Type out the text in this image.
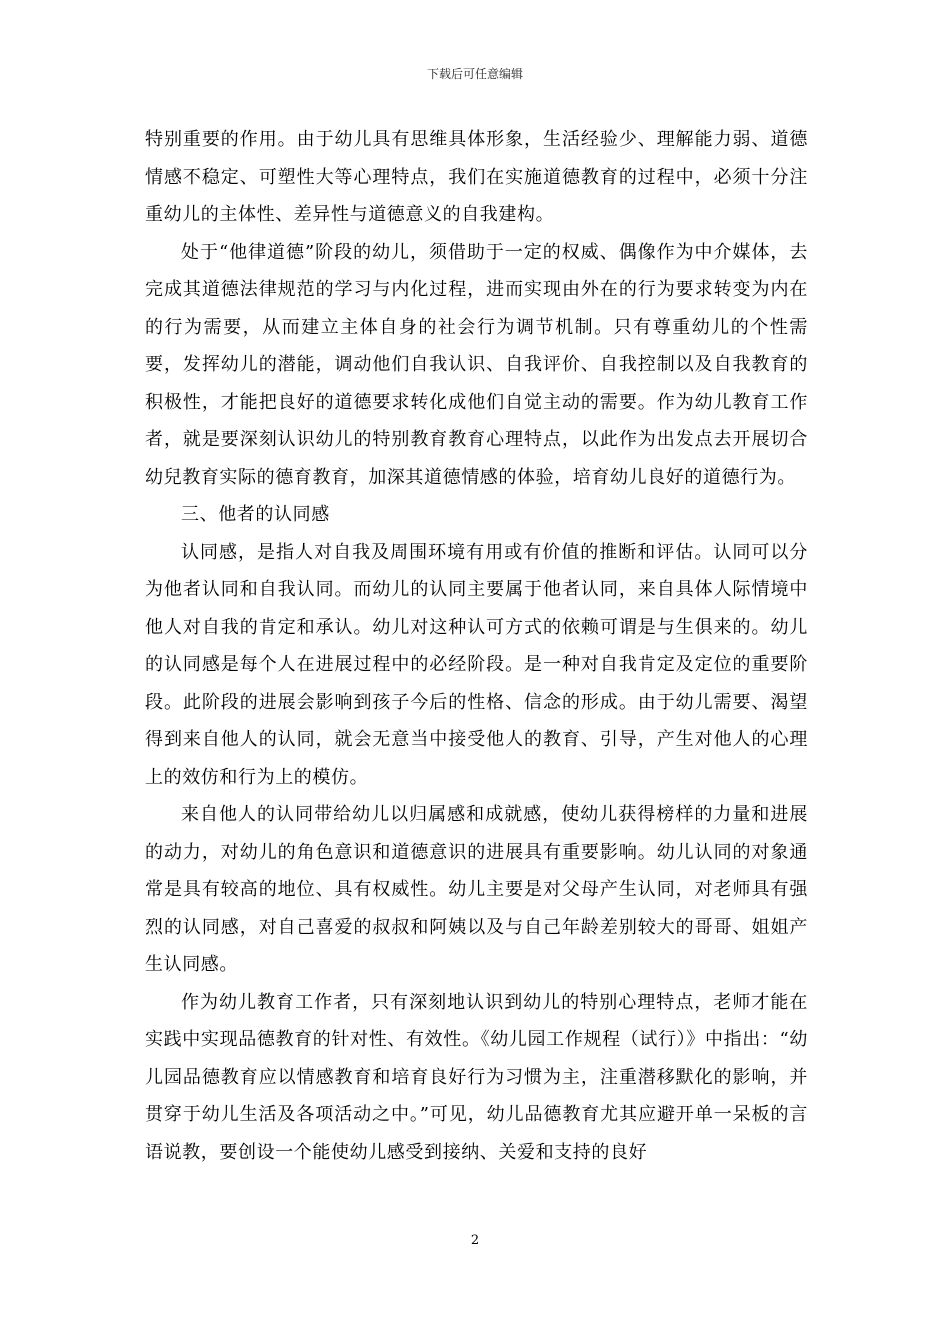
下载后可任意编辑

特别重要的作用。由于幼儿具有思维具体形象，生活经验少、理解能力弱、道德情感不稳定、可塑性大等心理特点，我们在实施道德教育的过程中，必须十分注重幼儿的主体性、差异性与道德意义的自我建构。

处于“他律道德”阶段的幼儿，须借助于一定的权威、偶像作为中介媒体，去完成其道德法律规范的学习与内化过程，进而实现由外在的行为要求转变为内在的行为需要，从而建立主体自身的社会行为调节机制。只有尊重幼儿的个性需要，发挥幼儿的潜能，调动他们自我认识、自我评价、自我控制以及自我教育的积极性，才能把良好的道德要求转化成他们自觉主动的需要。作为幼儿教育工作者，就是要深刻认识幼儿的特别教育教育心理特点，以此作为出发点去开展切合幼兒教育实际的德育教育，加深其道德情感的体验，培育幼儿良好的道德行为。

三、他者的认同感

认同感，是指人对自我及周围环境有用或有价值的推断和评估。认同可以分为他者认同和自我认同。而幼儿的认同主要属于他者认同，来自具体人际情境中他人对自我的肯定和承认。幼儿对这种认可方式的依赖可谓是与生俱来的。幼儿的认同感是每个人在进展过程中的必经阶段。是一种对自我肯定及定位的重要阶段。此阶段的进展会影响到孩子今后的性格、信念的形成。由于幼儿需要、渴望得到来自他人的认同，就会无意当中接受他人的教育、引导，产生对他人的心理上的效仿和行为上的模仿。

来自他人的认同带给幼儿以归属感和成就感，使幼儿获得榜样的力量和进展的动力，对幼儿的角色意识和道德意识的进展具有重要影响。幼儿认同的对象通常是具有较高的地位、具有权威性。幼儿主要是对父母产生认同，对老师具有强烈的认同感，对自己喜爱的叔叔和阿姨以及与自己年龄差别较大的哥哥、姐姐产生认同感。

作为幼儿教育工作者，只有深刻地认识到幼儿的特别心理特点，老师才能在实践中实现品德教育的针对性、有效性。《幼儿园工作规程（试行）》中指出：“幼儿园品德教育应以情感教育和培育良好行为习惯为主，注重潜移默化的影响，并贯穿于幼儿生活及各项活动之中。”可见，幼儿品德教育尤其应避开单一呆板的言语说教，要创设一个能使幼儿感受到接纳、关爱和支持的良好

2
